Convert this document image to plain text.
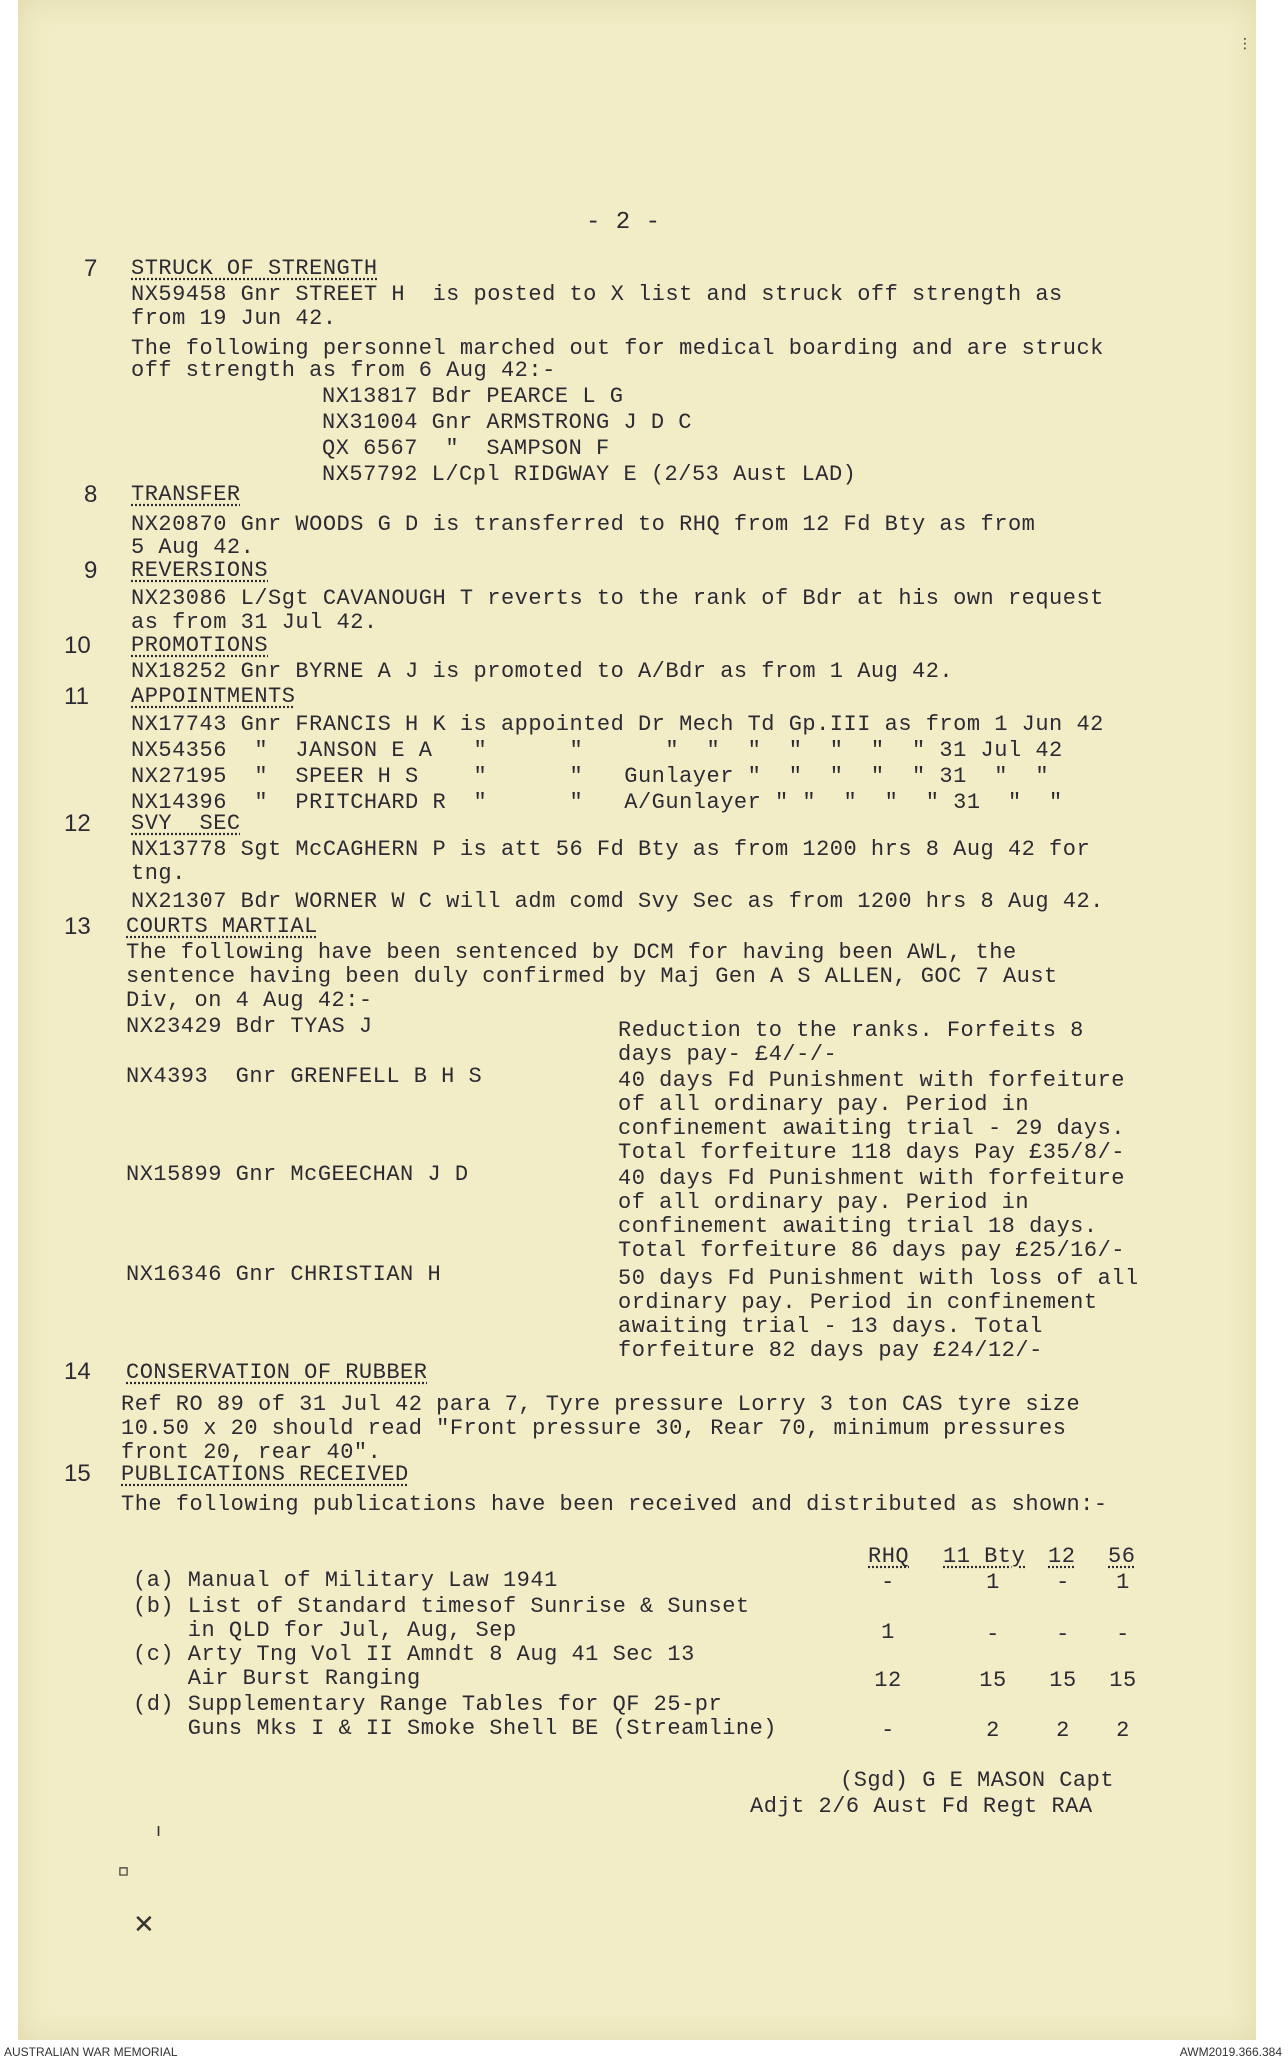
- 2 -
7 STRUCK OF STRENGTH
NX59458 Gnr STREET H  is posted to X list and struck off strength as
from 19 Jun 42.
The following personnel marched out for medical boarding and are struck
off strength as from 6 Aug 42:-
NX13817 Bdr PEARCE L G
NX31004 Gnr ARMSTRONG J D C
QX 6567  "  SAMPSON F
NX57792 L/Cpl RIDGWAY E (2/53 Aust LAD)
8 TRANSFER
NX20870 Gnr WOODS G D is transferred to RHQ from 12 Fd Bty as from
5 Aug 42.
9 REVERSIONS
NX23086 L/Sgt CAVANOUGH T reverts to the rank of Bdr at his own request
as from 31 Jul 42.
10 PROMOTIONS
NX18252 Gnr BYRNE A J is promoted to A/Bdr as from 1 Aug 42.
11 APPOINTMENTS
NX17743 Gnr FRANCIS H K is appointed Dr Mech Td Gp.III as from 1 Jun 42
NX54356  "  JANSON E A   "      "      "  "  "  "  "  "  " 31 Jul 42
NX27195  "  SPEER H S    "      "   Gunlayer "  "  "  "  " 31  "  "
NX14396  "  PRITCHARD R  "      "   A/Gunlayer " "  "  "  " 31  "  "
12 SVY  SEC
NX13778 Sgt McCAGHERN P is att 56 Fd Bty as from 1200 hrs 8 Aug 42 for
tng.
NX21307 Bdr WORNER W C will adm comd Svy Sec as from 1200 hrs 8 Aug 42.
13 COURTS MARTIAL
The following have been sentenced by DCM for having been AWL, the
sentence having been duly confirmed by Maj Gen A S ALLEN, GOC 7 Aust
Div, on 4 Aug 42:-
NX23429 Bdr TYAS J	Reduction to the ranks. Forfeits 8
days pay- £4/-/-
NX4393  Gnr GRENFELL B H S	40 days Fd Punishment with forfeiture
of all ordinary pay. Period in
confinement awaiting trial - 29 days.
Total forfeiture 118 days Pay £35/8/-
NX15899 Gnr McGEECHAN J D	40 days Fd Punishment with forfeiture
of all ordinary pay. Period in
confinement awaiting trial 18 days.
Total forfeiture 86 days pay £25/16/-
NX16346 Gnr CHRISTIAN H	50 days Fd Punishment with loss of all
ordinary pay. Period in confinement
awaiting trial - 13 days. Total
forfeiture 82 days pay £24/12/-
14 CONSERVATION OF RUBBER
Ref RO 89 of 31 Jul 42 para 7, Tyre pressure Lorry 3 ton CAS tyre size
10.50 x 20 should read "Front pressure 30, Rear 70, minimum pressures
front 20, rear 40".
15 PUBLICATIONS RECEIVED
The following publications have been received and distributed as shown:-
RHQ 11 Bty 12 56
(a) Manual of Military Law 1941	-	1	-	1
(b) List of Standard timesof Sunrise & Sunset
in QLD for Jul, Aug, Sep	1	-	-	-
(c) Arty Tng Vol II Amndt 8 Aug 41 Sec 13
Air Burst Ranging	12	15 15 15
(d) Supplementary Range Tables for QF 25-pr
Guns Mks I & II Smoke Shell BE (Streamline)	-	2	2	2
(Sgd) G E MASON Capt
Adjt 2/6 Aust Fd Regt RAA
ı
⸋
✕
⋮
AUSTRALIAN WAR MEMORIAL	AWM2019.366.384
